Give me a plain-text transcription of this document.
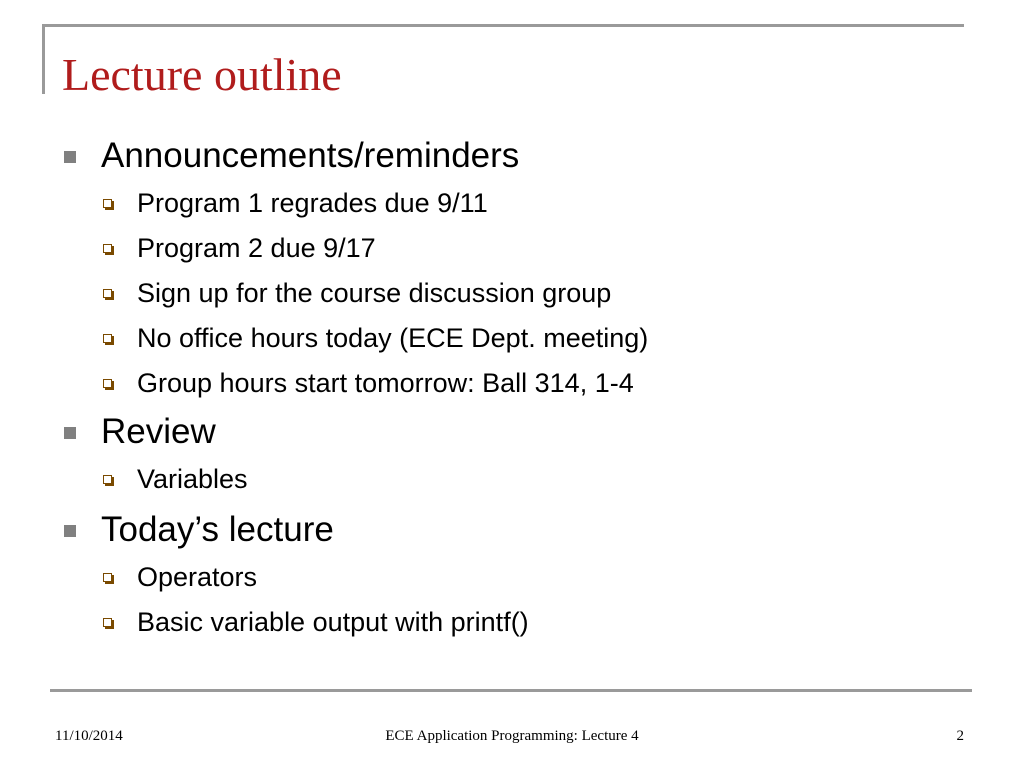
Lecture outline
Announcements/reminders
Program 1 regrades due 9/11
Program 2 due 9/17
Sign up for the course discussion group
No office hours today (ECE Dept. meeting)
Group hours start tomorrow: Ball 314, 1-4
Review
Variables
Today’s lecture
Operators
Basic variable output with printf()
11/10/2014	ECE Application Programming: Lecture 4	2
